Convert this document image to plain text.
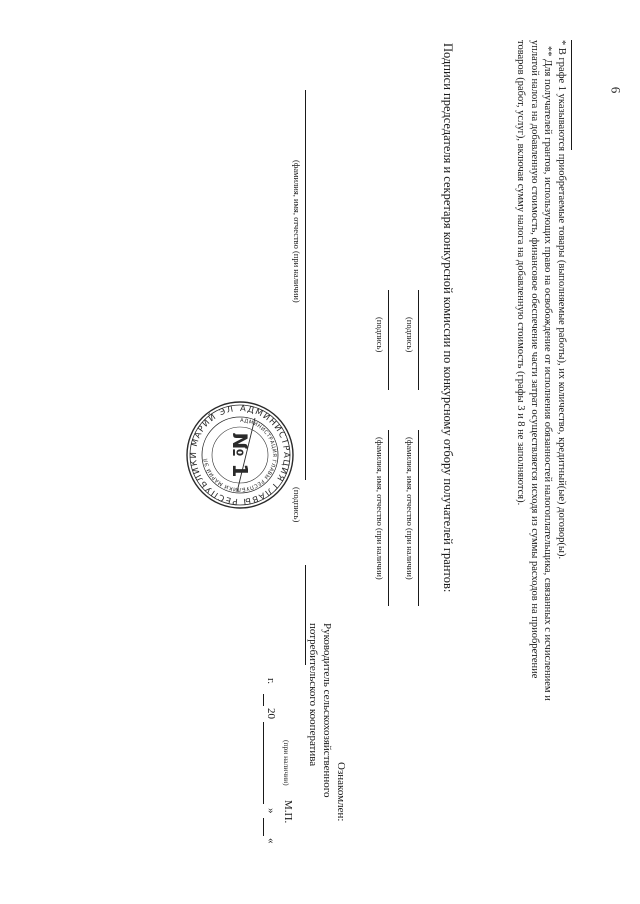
6
* В графе 1 указываются приобретаемые товары (выполняемые работы), их количество, кредитный(ые) договор(ы).
** Для получателей грантов, использующих право на освобождение от исполнения обязанностей налогоплательщика, связанных с исчислением и
уплатой налога на добавленную стоимость, финансовое обеспечение части затрат осуществляется исходя из суммы расходов на приобретение
товаров (работ, услуг), включая сумму налога на добавленную стоимость (графы 3 и 8 не заполняются).
Подписи председателя и секретаря конкурсной комиссии по конкурсному отбору получателей грантов:
(подпись)
(фамилия, имя, отчество (при наличии)
(подпись)
(фамилия, имя, отчество (при наличии)
Ознакомлен:
Руководитель сельскохозяйственного
потребительского кооператива
(подпись)
(фамилия, имя, отчество (при наличии)
М.П.
(при наличии)
«
»
20
г.
АДМИНИСТРАЦИЯ ГЛАВЫ РЕСПУБЛИКИ МАРИЙ ЭЛ
АДМИНИСТРАЦИЯ ГЛАВЫ РЕСПУБЛИКИ МАРИЙ ЭЛ № 1
